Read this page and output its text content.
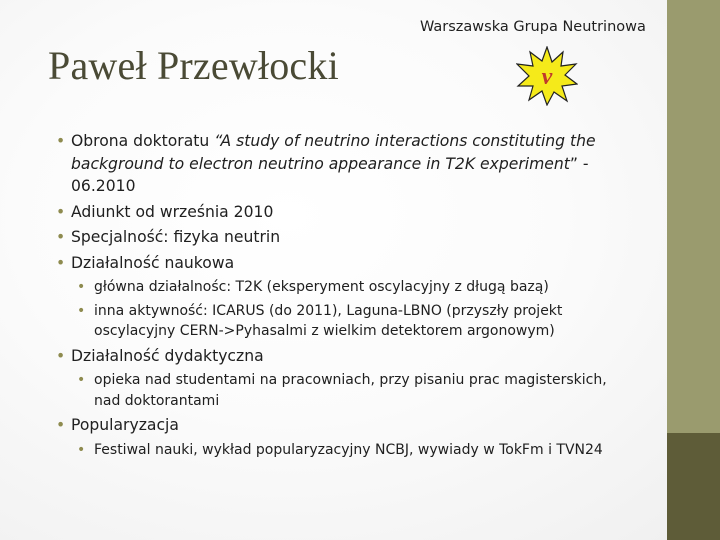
Warszawska Grupa Neutrinowa
Paweł Przewłocki	ν
• Obrona doktoratu “A study of neutrino interactions constituting the background to electron neutrino appearance in T2K experiment” - 06.2010
• Adiunkt od września 2010
• Specjalność: fizyka neutrin
• Działalność naukowa
• główna działalnośc: T2K (eksperyment oscylacyjny z długą bazą)
• inna aktywność: ICARUS (do 2011), Laguna-LBNO (przyszły projekt oscylacyjny CERN->Pyhasalmi z wielkim detektorem argonowym)
• Działalność dydaktyczna
• opieka nad studentami na pracowniach, przy pisaniu prac magisterskich, nad doktorantami
• Popularyzacja
• Festiwal nauki, wykład popularyzacyjny NCBJ, wywiady w TokFm i TVN24
